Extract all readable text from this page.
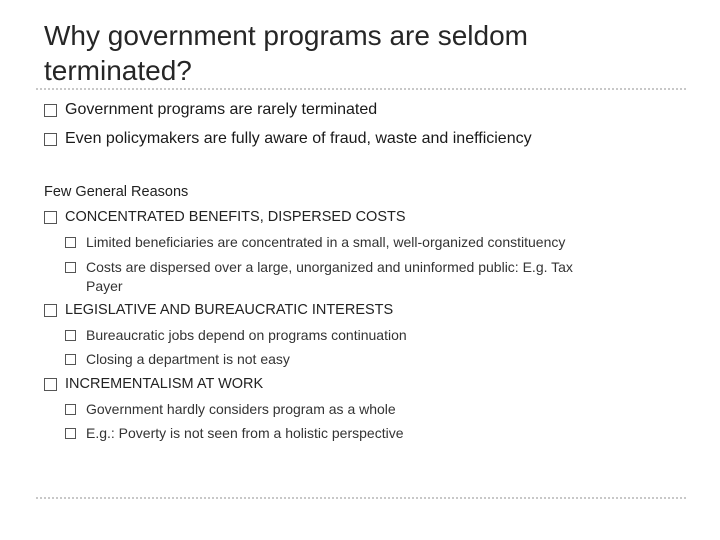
Why government programs are seldom
terminated?
Government programs are rarely terminated
Even policymakers are fully aware of fraud, waste and inefficiency
Few General Reasons
CONCENTRATED BENEFITS, DISPERSED COSTS
Limited beneficiaries are concentrated in a small, well-organized constituency
Costs are dispersed over a large, unorganized and uninformed public: E.g. Tax
Payer
LEGISLATIVE AND BUREAUCRATIC INTERESTS
Bureaucratic jobs depend on programs continuation
Closing a department is not easy
INCREMENTALISM AT WORK
Government hardly considers program as a whole
E.g.: Poverty is not seen from a holistic perspective
